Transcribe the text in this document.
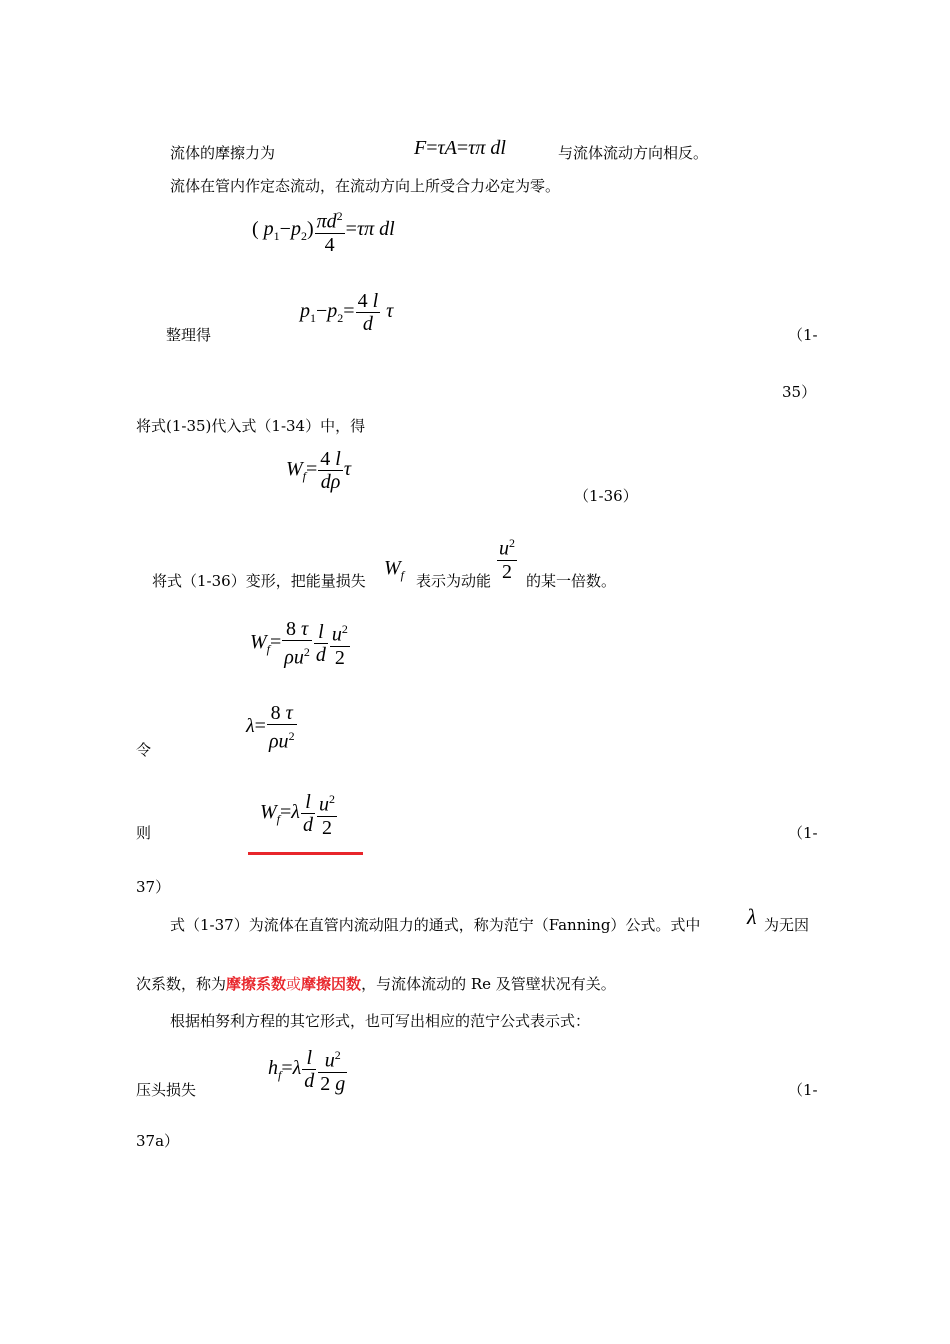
流体的摩擦力为	F=τA=τπ dl	与流体流动方向相反。
流体在管内作定态流动，在流动方向上所受合力必定为零。
( $p_1-p_2) \frac{\pi d^2}{4} =\tau\pi$ dl
$p_1-p_2= \frac{4 l}{d}$ τ
整理得	（1-
35）
将式(1-35)代入式（1-34）中，得
$W_f= \frac{4 l}{d\rho}$ τ
（1-36）
将式（1-36）变形，把能量损失
$W_f$ 表示为动能 $\frac{u^2}{2}$ 的某一倍数。
$W_f= \frac{8 \tau}{\rho u^2} \frac{l}{d} \frac{u^2}{2}$
$\lambda= \frac{8 \tau}{\rho u^2}$
令
$W_f=\lambda \frac{l}{d} \frac{u^2}{2}$
则	（1-
37）
式（1-37）为流体在直管内流动阻力的通式，称为范宁（Fanning）公式。式中 λ 为无因
次系数，称为摩擦系数或摩擦因数，与流体流动的 Re 及管壁状况有关。
根据柏努利方程的其它形式，也可写出相应的范宁公式表示式：
$h_f=\lambda \frac{l}{d} \frac{u^2}{2 g}$
压头损失	（1-
37a）
